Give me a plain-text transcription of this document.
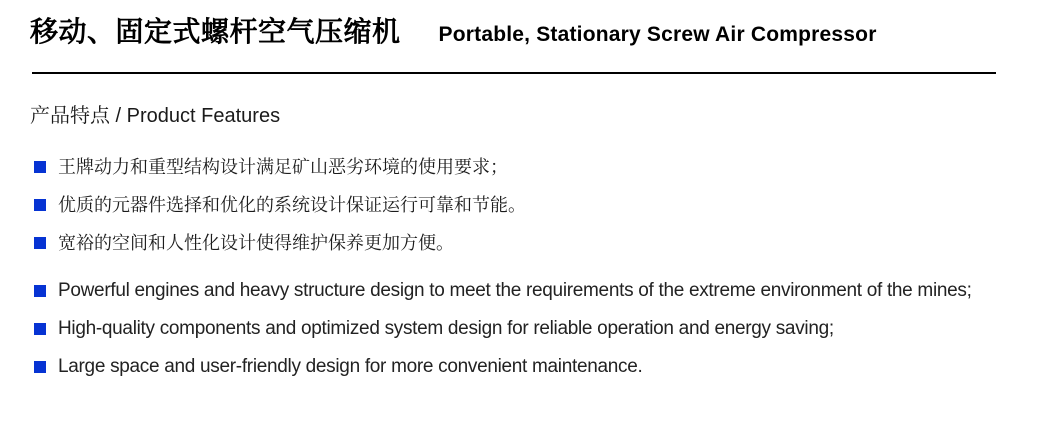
移动、固定式螺杆空气压缩机 Portable, Stationary Screw Air Compressor
产品特点 / Product Features
王牌动力和重型结构设计满足矿山恶劣环境的使用要求；
优质的元器件选择和优化的系统设计保证运行可靠和节能。
宽裕的空间和人性化设计使得维护保养更加方便。
Powerful engines and heavy structure design to meet the requirements of the extreme environment of the mines;
High-quality components and optimized system design for reliable operation and energy saving;
Large space and user-friendly design for more convenient maintenance.
